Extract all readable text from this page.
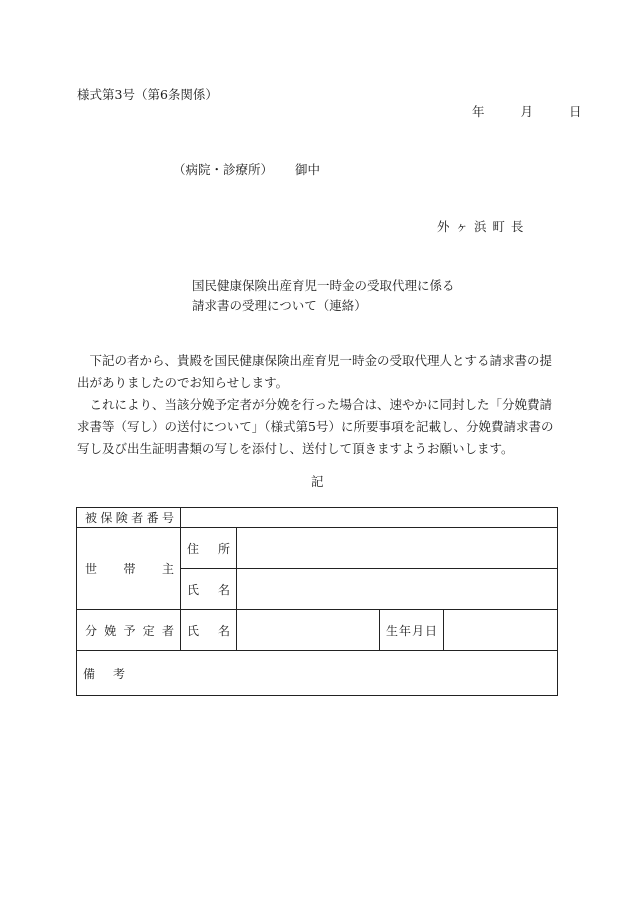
様式第3号（第6条関係）
年	月	日
（病院・診療所） 御中
外 ヶ 浜 町 長
国民健康保険出産育児一時金の受取代理に係る
請求書の受理について（連絡）

　下記の者から、貴殿を国民健康保険出産育児一時金の受取代理人とする請求書の提出がありましたのでお知らせします。

　これにより、当該分娩予定者が分娩を行った場合は、速やかに同封した「分娩費請求書等（写し）の送付について」（様式第5号）に所要事項を記載し、分娩費請求書の写し及び出生証明書類の写しを添付し、送付して頂きますようお願いします。

記
被保険者番号				
世帯主	住所			
	氏名			
分娩予定者	氏名		生年月日	
備考				
